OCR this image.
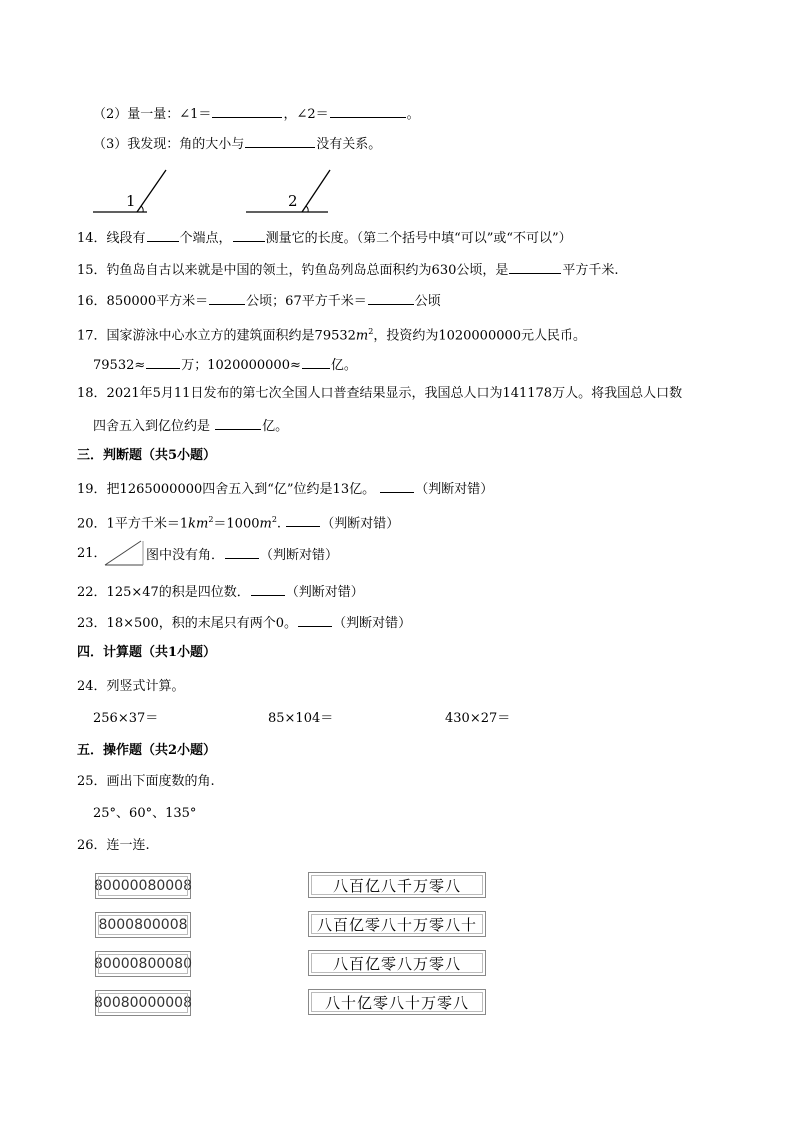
（2）量一量：∠1＝	，∠2＝	。
（3）我发现：角的大小与	没有关系。
1	2
14．线段有	个端点，	测量它的长度。（第二个括号中填“可以”或“不可以”）
15．钓鱼岛自古以来就是中国的领土，钓鱼岛列岛总面积约为630公顷，是	平方千米.
16．850000平方米＝	公顷；67平方千米＝	公顷
17．国家游泳中心水立方的建筑面积约是$79532m^2$，投资约为1020000000元人民币。
79532≈	万；1020000000≈ 亿。
18．2021年5月11日发布的第七次全国人口普查结果显示，我国总人口为141178万人。将我国总人口数
四舍五入到亿位约是	亿。
三．判断题（共5小题）
19．把1265000000四舍五入到“亿”位约是13亿。	（判断对错）
20．1平方千米$=1km^2=1000m^2$.	（判断对错）
21．	图中没有角．	（判断对错）
22．125×47的积是四位数．	（判断对错）
23．18×500，积的末尾只有两个0。	（判断对错）
四．计算题（共1小题）
24．列竖式计算。
256×37＝	85×104＝	430×27＝
五．操作题（共2小题）
25．画出下面度数的角.
25°、60°、135°
26．连一连.
80000080008
8000800008
80000800080
80080000008
八百亿八千万零八
八百亿零八十万零八十
八百亿零八万零八
八十亿零八十万零八
